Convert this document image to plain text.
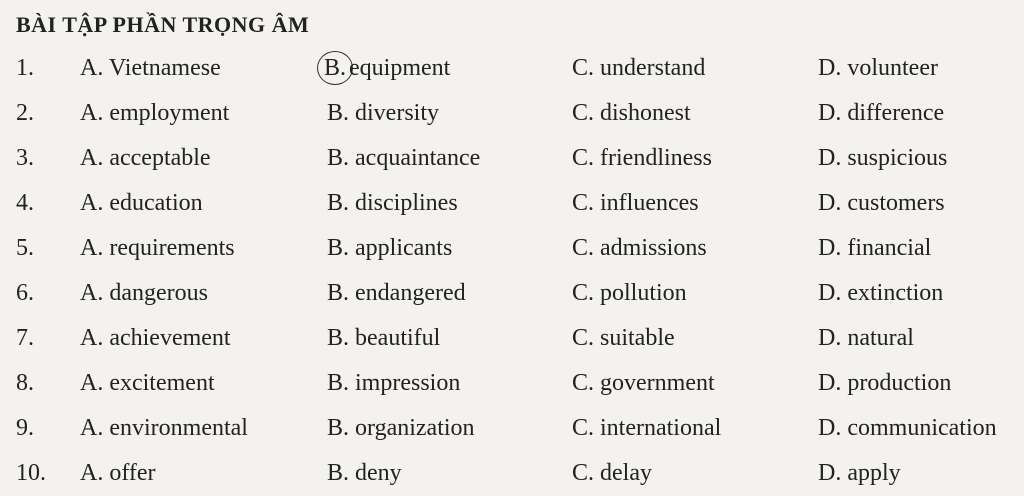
BÀI TẬP PHẦN TRỌNG ÂM
1. A. Vietnamese	B. equipment	C. understand	D. volunteer
2. A. employment	B. diversity	C. dishonest	D. difference
3. A. acceptable	B. acquaintance	C. friendliness	D. suspicious
4. A. education	B. disciplines	C. influences	D. customers
5. A. requirements	B. applicants	C. admissions	D. financial
6. A. dangerous	B. endangered	C. pollution	D. extinction
7. A. achievement	B. beautiful	C. suitable	D. natural
8. A. excitement	B. impression	C. government	D. production
9. A. environmental	B. organization	C. international	D. communication
10. A. offer	B. deny	C. delay	D. apply
